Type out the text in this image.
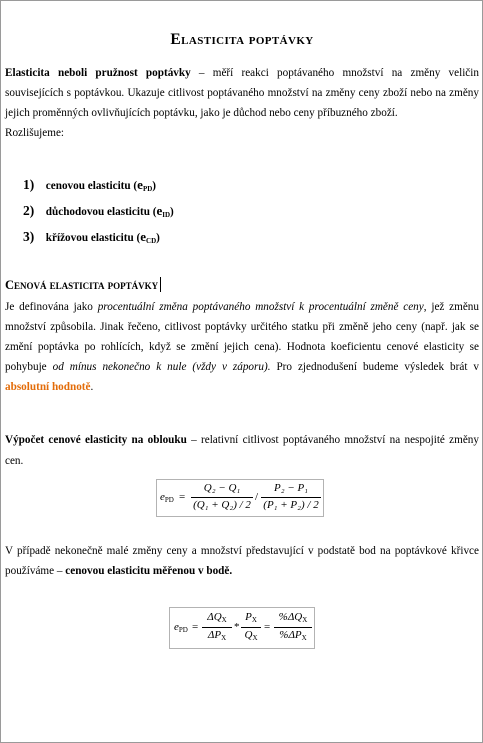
Elasticita poptávky

Elasticita neboli pružnost poptávky – měří reakci poptávaného množství na změny veličin souvisejících s poptávkou. Ukazuje citlivost poptávaného množství na změny ceny zboží nebo na změny jejich proměnných ovlivňujících poptávku, jako je důchod nebo ceny příbuzného zboží.

Rozlišujeme:

1) cenovou elasticitu $(e_{PD})$
2) důchodovou elasticitu $(e_{ID})$
3) křížovou elasticitu $(e_{CD})$
Cenová elasticita poptávky

Je definována jako procentuální změna poptávaného množství k procentuální změně ceny, jež změnu množství způsobila. Jinak řečeno, citlivost poptávky určitého statku při změně jeho ceny (např. jak se změní poptávka po rohlících, když se změní jejich cena). Hodnota koeficientu cenové elasticity se pohybuje od mínus nekonečno k nule (vždy v záporu). Pro zjednodušení budeme výsledek brát v absolutní hodnotě.

Výpočet cenové elasticity na oblouku – relativní citlivost poptávaného množství na nespojité změny cen.

V případě nekonečně malé změny ceny a množství představující v podstatě bod na poptávkové křivce používáme – cenovou elasticitu měřenou v bodě.

$e_{PD}$ =
Q₂ − Q₁
(Q₁ + Q₂) / 2
/
P₂ − P₁
(P₁ + P₂) / 2
$e_{PD}$ =
$\Delta Q_X$
$\Delta P_X$
*
$P_X$
$Q_X$
=
$\%\Delta Q_X$
$\%\Delta P_X$
